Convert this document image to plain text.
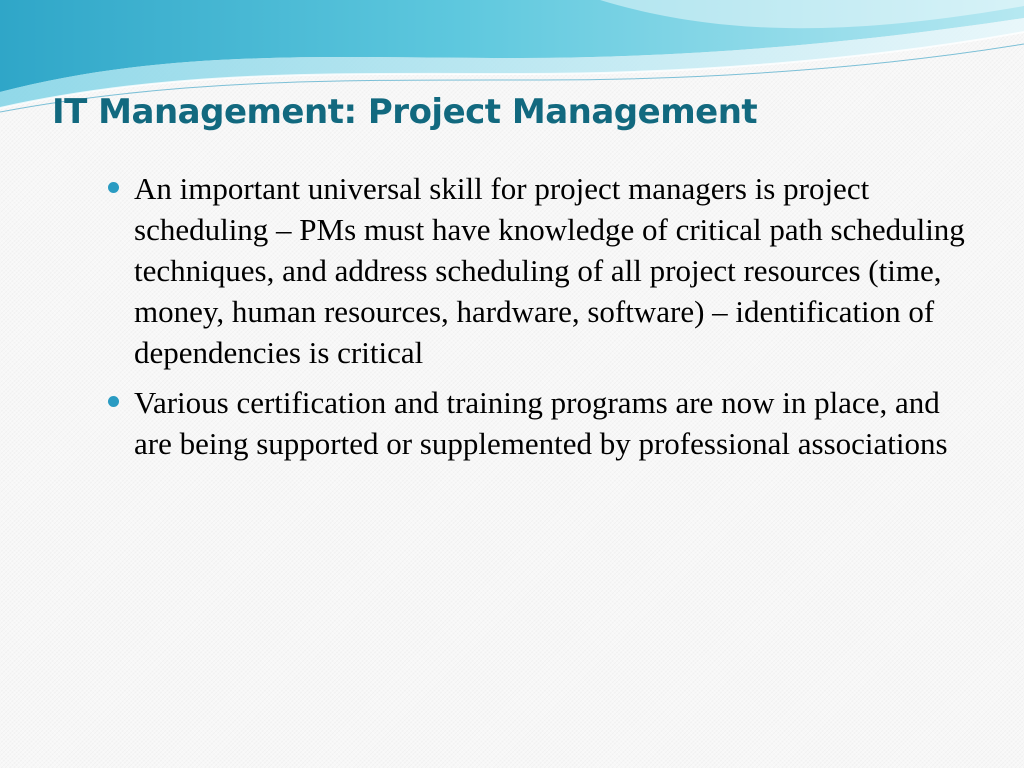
IT Management: Project Management
An important universal skill for project managers is project scheduling – PMs must have knowledge of critical path scheduling techniques, and address scheduling of all project resources (time, money, human resources, hardware, software) – identification of dependencies is critical
Various certification and training programs are now in place, and are being supported or supplemented by professional associations
